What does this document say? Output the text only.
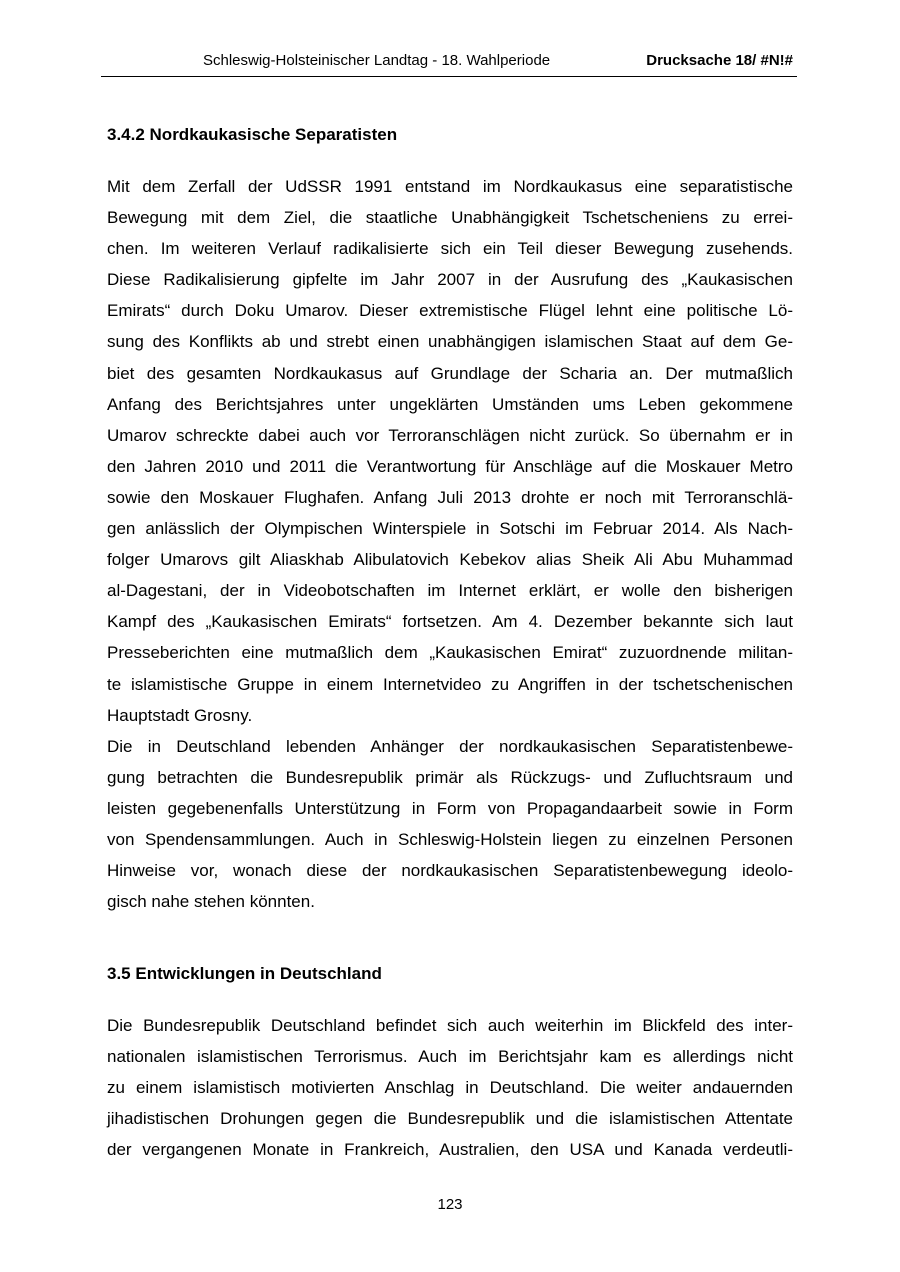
Schleswig-Holsteinischer Landtag - 18. Wahlperiode	Drucksache 18/ #N!#
3.4.2 Nordkaukasische Separatisten
Mit dem Zerfall der UdSSR 1991 entstand im Nordkaukasus eine separatistische
Bewegung mit dem Ziel, die staatliche Unabhängigkeit Tschetscheniens zu errei-
chen. Im weiteren Verlauf radikalisierte sich ein Teil dieser Bewegung zusehends.
Diese Radikalisierung gipfelte im Jahr 2007 in der Ausrufung des „Kaukasischen
Emirats“ durch Doku Umarov. Dieser extremistische Flügel lehnt eine politische Lö-
sung des Konflikts ab und strebt einen unabhängigen islamischen Staat auf dem Ge-
biet des gesamten Nordkaukasus auf Grundlage der Scharia an. Der mutmaßlich
Anfang des Berichtsjahres unter ungeklärten Umständen ums Leben gekommene
Umarov schreckte dabei auch vor Terroranschlägen nicht zurück. So übernahm er in
den Jahren 2010 und 2011 die Verantwortung für Anschläge auf die Moskauer Metro
sowie den Moskauer Flughafen. Anfang Juli 2013 drohte er noch mit Terroranschlä-
gen anlässlich der Olympischen Winterspiele in Sotschi im Februar 2014. Als Nach-
folger Umarovs gilt Aliaskhab Alibulatovich Kebekov alias Sheik Ali Abu Muhammad
al-Dagestani, der in Videobotschaften im Internet erklärt, er wolle den bisherigen
Kampf des „Kaukasischen Emirats“ fortsetzen. Am 4. Dezember bekannte sich laut
Presseberichten eine mutmaßlich dem „Kaukasischen Emirat“ zuzuordnende militan-
te islamistische Gruppe in einem Internetvideo zu Angriffen in der tschetschenischen
Hauptstadt Grosny.
Die in Deutschland lebenden Anhänger der nordkaukasischen Separatistenbewe-
gung betrachten die Bundesrepublik primär als Rückzugs- und Zufluchtsraum und
leisten gegebenenfalls Unterstützung in Form von Propagandaarbeit sowie in Form
von Spendensammlungen. Auch in Schleswig-Holstein liegen zu einzelnen Personen
Hinweise vor, wonach diese der nordkaukasischen Separatistenbewegung ideolo-
gisch nahe stehen könnten.
3.5 Entwicklungen in Deutschland
Die Bundesrepublik Deutschland befindet sich auch weiterhin im Blickfeld des inter-
nationalen islamistischen Terrorismus. Auch im Berichtsjahr kam es allerdings nicht
zu einem islamistisch motivierten Anschlag in Deutschland. Die weiter andauernden
jihadistischen Drohungen gegen die Bundesrepublik und die islamistischen Attentate
der vergangenen Monate in Frankreich, Australien, den USA und Kanada verdeutli-
123
